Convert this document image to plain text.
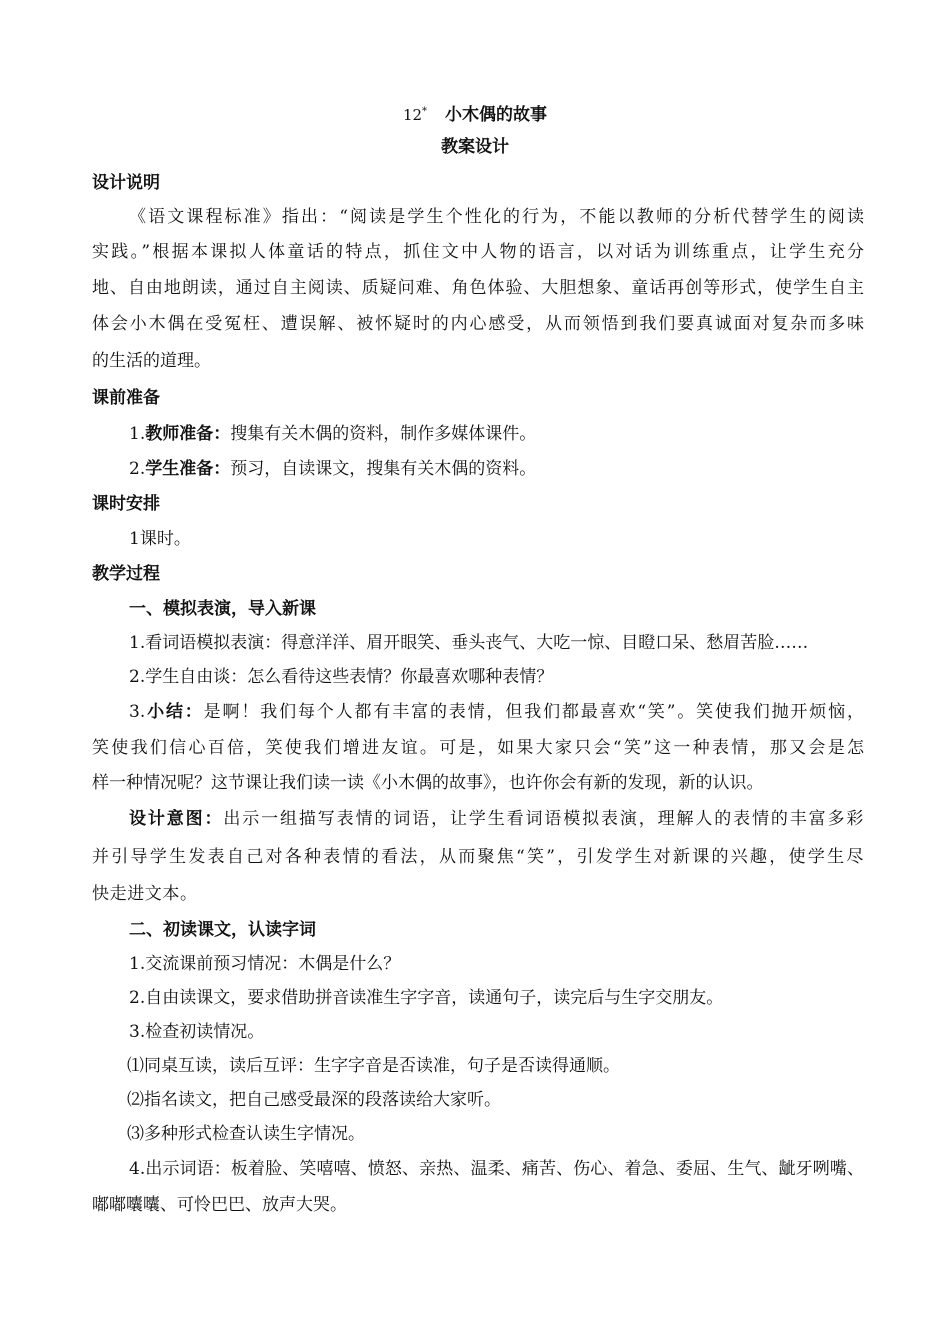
12* 小木偶的故事
教案设计
设计说明
《语文课程标准》指出：“阅读是学生个性化的行为，不能以教师的分析代替学生的阅读
实践。”根据本课拟人体童话的特点，抓住文中人物的语言，以对话为训练重点，让学生充分
地、自由地朗读，通过自主阅读、质疑问难、角色体验、大胆想象、童话再创等形式，使学生自主
体会小木偶在受冤枉、遭误解、被怀疑时的内心感受，从而领悟到我们要真诚面对复杂而多味
的生活的道理。
课前准备
1.教师准备：搜集有关木偶的资料，制作多媒体课件。
2.学生准备：预习，自读课文，搜集有关木偶的资料。
课时安排
1课时。
教学过程
一、模拟表演，导入新课
1.看词语模拟表演：得意洋洋、眉开眼笑、垂头丧气、大吃一惊、目瞪口呆、愁眉苦脸……
2.学生自由谈：怎么看待这些表情？你最喜欢哪种表情？
3.小结：是啊！我们每个人都有丰富的表情，但我们都最喜欢“笑”。笑使我们抛开烦恼，
笑使我们信心百倍，笑使我们增进友谊。可是，如果大家只会“笑”这一种表情，那又会是怎
样一种情况呢？这节课让我们读一读《小木偶的故事》，也许你会有新的发现，新的认识。
设计意图：出示一组描写表情的词语，让学生看词语模拟表演，理解人的表情的丰富多彩
并引导学生发表自己对各种表情的看法，从而聚焦“笑”，引发学生对新课的兴趣，使学生尽
快走进文本。
二、初读课文，认读字词
1.交流课前预习情况：木偶是什么？
2.自由读课文，要求借助拼音读准生字字音，读通句子，读完后与生字交朋友。
3.检查初读情况。
⑴同桌互读，读后互评：生字字音是否读准，句子是否读得通顺。
⑵指名读文，把自己感受最深的段落读给大家听。
⑶多种形式检查认读生字情况。
4.出示词语：板着脸、笑嘻嘻、愤怒、亲热、温柔、痛苦、伤心、着急、委屈、生气、龇牙咧嘴、
嘟嘟囔囔、可怜巴巴、放声大哭。
